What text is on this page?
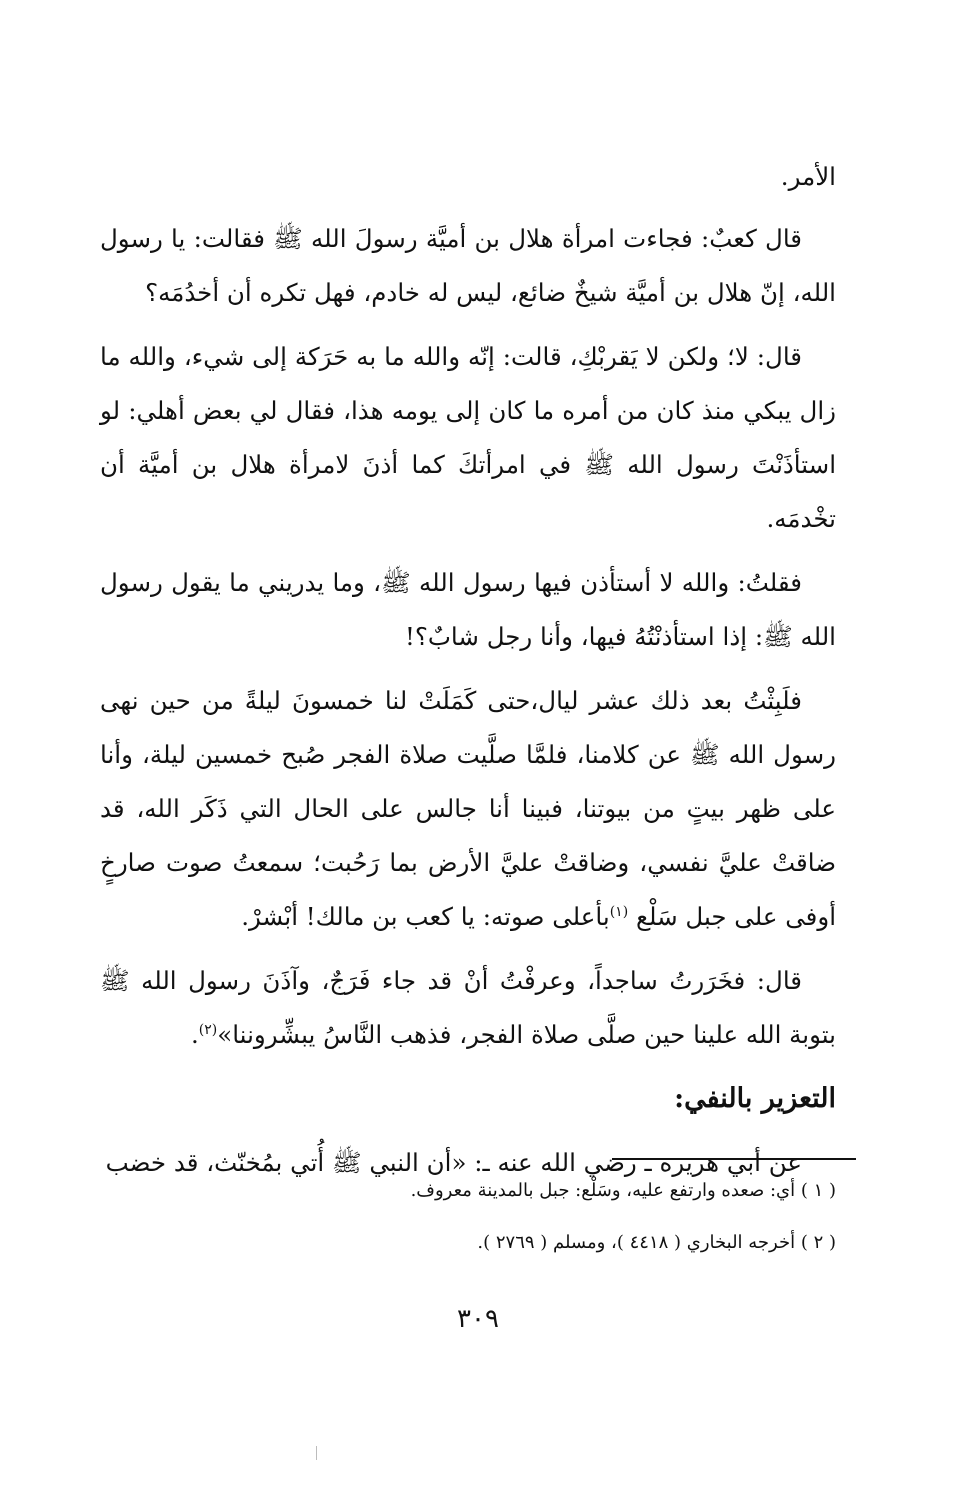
الأمر.

قال كعبٌ: فجاءت امرأة هلال بن أميَّة رسولَ الله ﷺ فقالت: يا رسول الله، إنّ هلال بن أميَّة شيخٌ ضائع، ليس له خادم، فهل تكره أن أخدُمَه؟

قال: لا؛ ولكن لا يَقربْكِ، قالت: إنّه والله ما به حَرَكة إلى شيء، والله ما زال يبكي منذ كان من أمره ما كان إلى يومه هذا، فقال لي بعض أهلي: لو استأذَنْتَ رسول الله ﷺ في امرأتكَ كما أذنَ لامرأة هلال بن أميَّة أن تخْدمَه.

فقلتُ: والله لا أستأذن فيها رسول الله ﷺ، وما يدريني ما يقول رسول الله ﷺ: إذا استأذنْتُهُ فيها، وأنا رجل شابٌ؟!

فلَبِثْتُ بعد ذلك عشر ليال،حتى كَمَلَتْ لنا خمسونَ ليلةً من حين نهى رسول الله ﷺ عن كلامنا، فلمَّا صلَّيت صلاة الفجر صُبح خمسين ليلة، وأنا على ظهر بيتٍ من بيوتنا، فبينا أنا جالس على الحال التي ذَكَر الله، قد ضاقتْ عليَّ نفسي، وضاقتْ عليَّ الأرض بما رَحُبت؛ سمعتُ صوت صارخٍ أوفى على جبل سَلْع $^{(١)}$بأعلى صوته: يا كعب بن مالك! أبْشرْ.

قال: فخَرَرتُ ساجداً، وعرفْتُ أنْ قد جاء فَرَجٌ، وآذَنَ رسول الله ﷺ بتوبة الله علينا حين صلَّى صلاة الفجر، فذهب النَّاسُ يبشِّروننا»$^{(٢)}$.

التعزير بالنفي:

عن أبي هريرة ـ رضي الله عنه ـ: «أن النبي ﷺ أُتي بمُخنّث، قد خضب

( ١ ) أي: صعده وارتفع عليه، وسَلْع: جبل بالمدينة معروف.
( ٢ ) أخرجه البخاري ( ٤٤١٨ )، ومسلم ( ٢٧٦٩ ).
٣٠٩
